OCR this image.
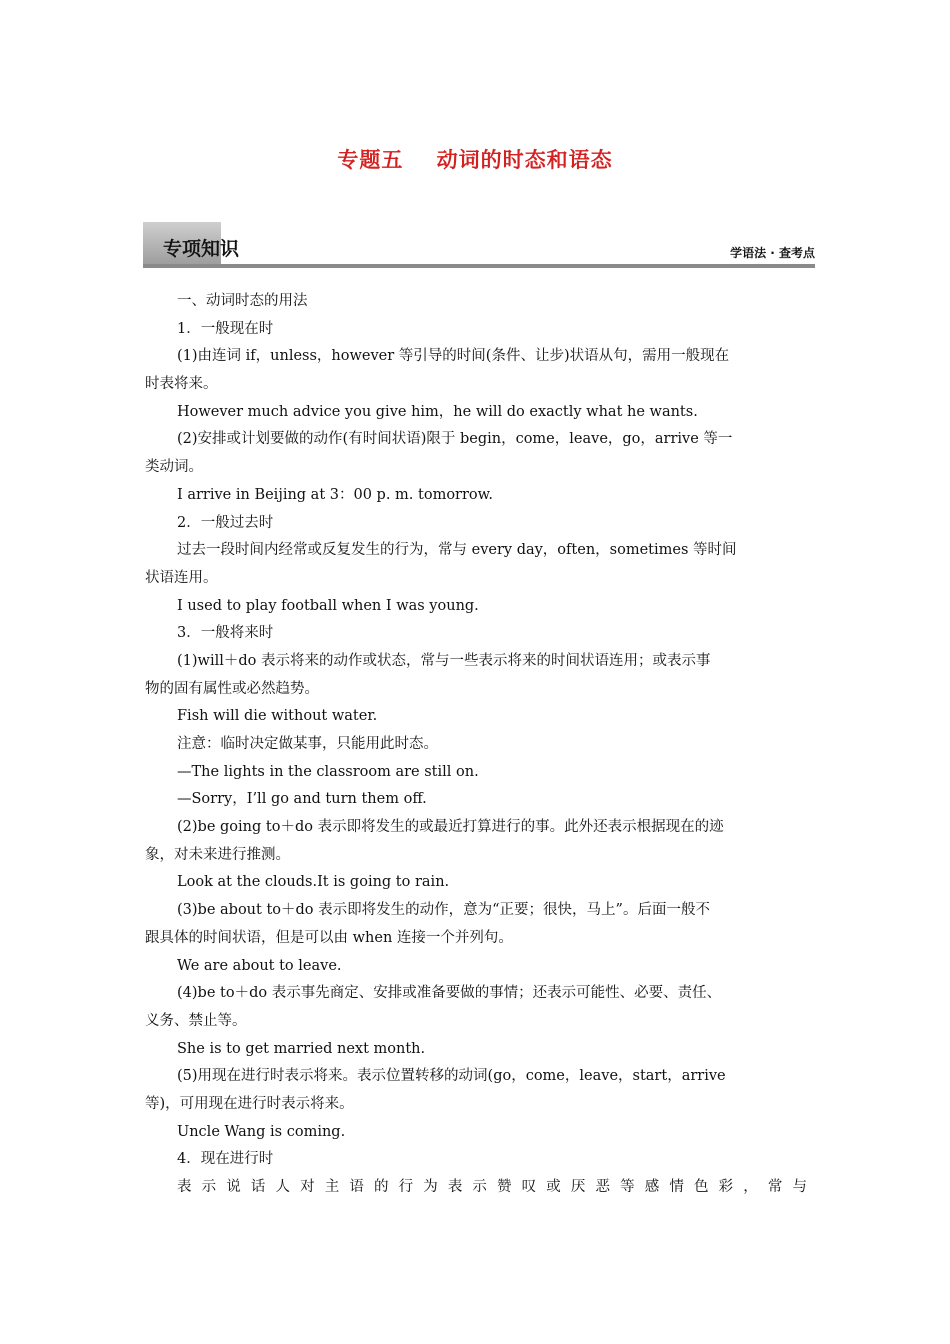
专题五    动词的时态和语态
专项知识	学语法 · 查考点
一、动词时态的用法
1．一般现在时
(1)由连词 if，unless，however 等引导的时间(条件、让步)状语从句，需用一般现在
时表将来。
However much advice you give him，he will do exactly what he wants.
(2)安排或计划要做的动作(有时间状语)限于 begin，come，leave，go，arrive 等一
类动词。
I arrive in Beijing at 3：00 p. m. tomorrow.
2．一般过去时
过去一段时间内经常或反复发生的行为，常与 every day，often，sometimes 等时间
状语连用。
I used to play football when I was young.
3．一般将来时
(1)will＋do 表示将来的动作或状态，常与一些表示将来的时间状语连用；或表示事
物的固有属性或必然趋势。
Fish will die without water.
注意：临时决定做某事，只能用此时态。
—The lights in the classroom are still on.
—Sorry，I’ll go and turn them off.
(2)be going to＋do 表示即将发生的或最近打算进行的事。此外还表示根据现在的迹
象，对未来进行推测。
Look at the clouds.It is going to rain.
(3)be about to＋do 表示即将发生的动作，意为“正要；很快，马上”。后面一般不
跟具体的时间状语，但是可以由 when 连接一个并列句。
We are about to leave.
(4)be to＋do 表示事先商定、安排或准备要做的事情；还表示可能性、必要、责任、
义务、禁止等。
She is to get married next month.
(5)用现在进行时表示将来。表示位置转移的动词(go，come，leave，start，arrive
等)，可用现在进行时表示将来。
Uncle Wang is coming.
4．现在进行时
表 示 说 话 人 对 主 语 的 行 为 表 示 赞 叹 或 厌 恶 等 感 情 色 彩 ， 常 与
